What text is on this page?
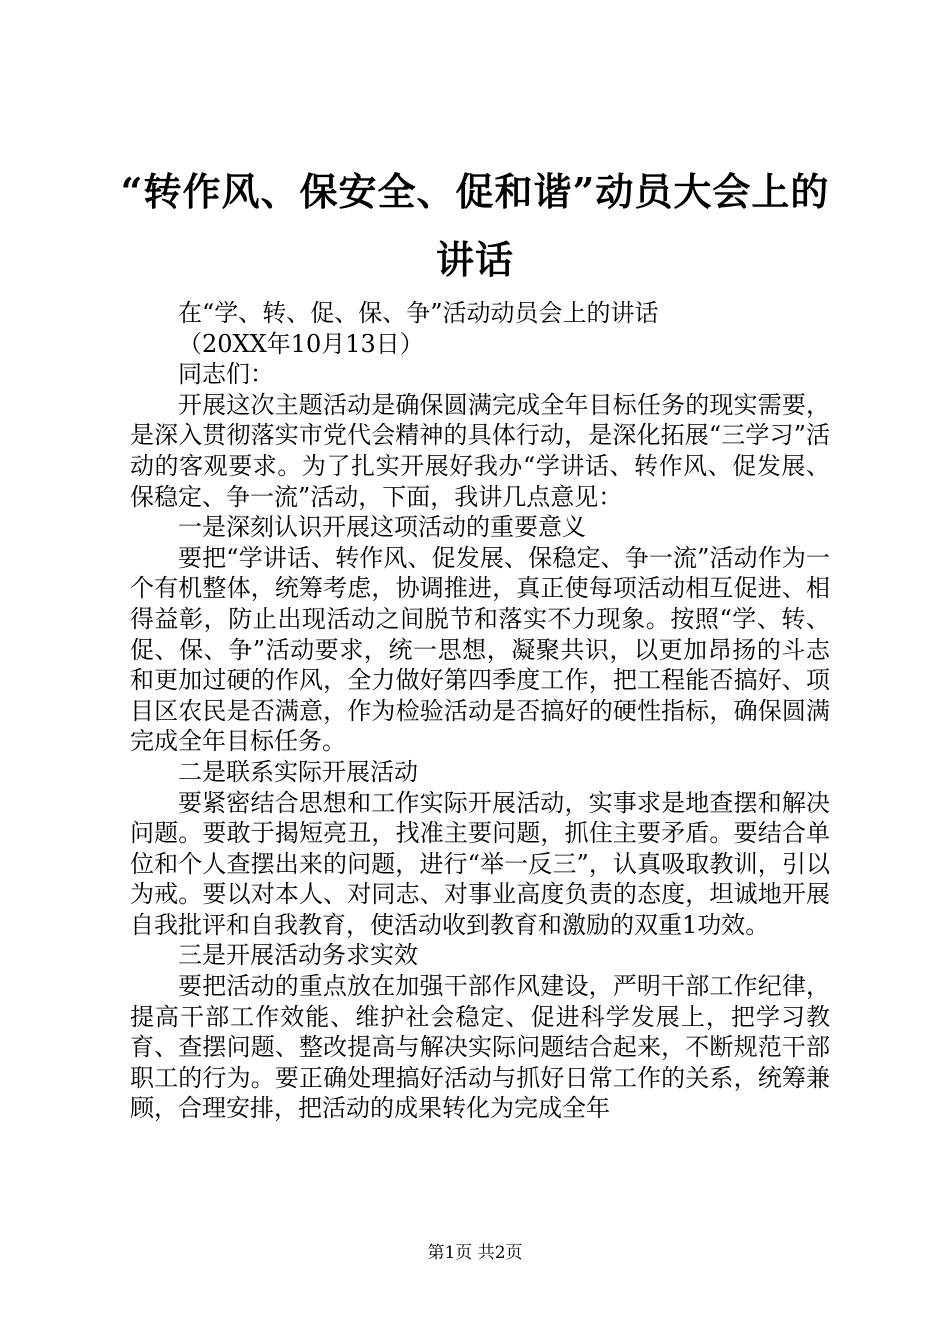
“转作风、保安全、促和谐”动员大会上的讲话

在“学、转、促、保、争”活动动员会上的讲话

（20XX年10月13日）

同志们：

开展这次主题活动是确保圆满完成全年目标任务的现实需要，是深入贯彻落实市党代会精神的具体行动，是深化拓展“三学习”活动的客观要求。为了扎实开展好我办“学讲话、转作风、促发展、保稳定、争一流”活动，下面，我讲几点意见：

一是深刻认识开展这项活动的重要意义

要把“学讲话、转作风、促发展、保稳定、争一流”活动作为一个有机整体，统筹考虑，协调推进，真正使每项活动相互促进、相得益彰，防止出现活动之间脱节和落实不力现象。按照“学、转、促、保、争”活动要求，统一思想，凝聚共识，以更加昂扬的斗志和更加过硬的作风，全力做好第四季度工作，把工程能否搞好、项目区农民是否满意，作为检验活动是否搞好的硬性指标，确保圆满完成全年目标任务。

二是联系实际开展活动

要紧密结合思想和工作实际开展活动，实事求是地查摆和解决问题。要敢于揭短亮丑，找准主要问题，抓住主要矛盾。要结合单位和个人查摆出来的问题，进行“举一反三”，认真吸取教训，引以为戒。要以对本人、对同志、对事业高度负责的态度，坦诚地开展自我批评和自我教育，使活动收到教育和激励的双重1功效。

三是开展活动务求实效

要把活动的重点放在加强干部作风建设，严明干部工作纪律，提高干部工作效能、维护社会稳定、促进科学发展上，把学习教育、查摆问题、整改提高与解决实际问题结合起来，不断规范干部职工的行为。要正确处理搞好活动与抓好日常工作的关系，统筹兼顾，合理安排，把活动的成果转化为完成全年

第1页 共2页
